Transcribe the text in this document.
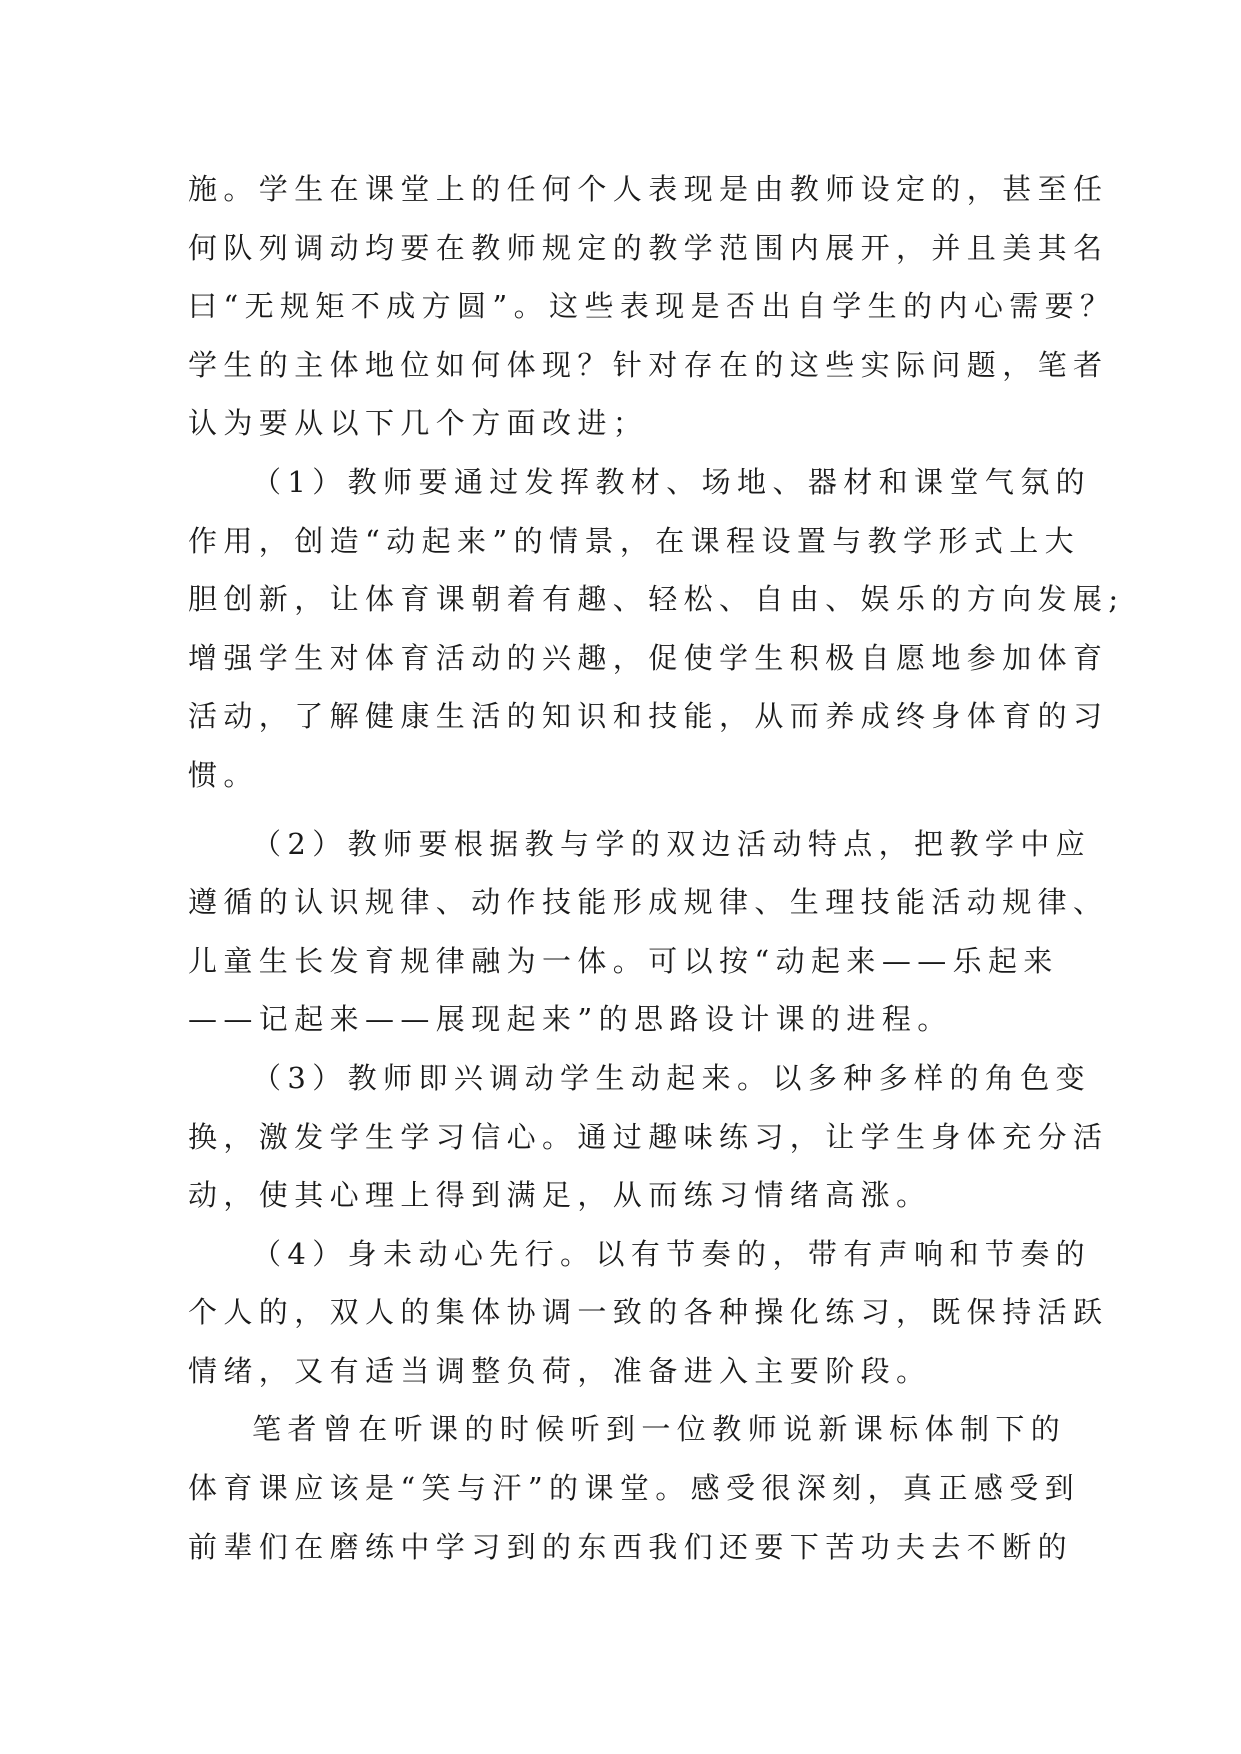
施。学生在课堂上的任何个人表现是由教师设定的，甚至任
何队列调动均要在教师规定的教学范围内展开，并且美其名
曰“无规矩不成方圆”。这些表现是否出自学生的内心需要？
学生的主体地位如何体现？针对存在的这些实际问题，笔者
认为要从以下几个方面改进；
（1）教师要通过发挥教材、场地、器材和课堂气氛的
作用，创造“动起来”的情景，在课程设置与教学形式上大
胆创新，让体育课朝着有趣、轻松、自由、娱乐的方向发展;
增强学生对体育活动的兴趣，促使学生积极自愿地参加体育
活动，了解健康生活的知识和技能，从而养成终身体育的习
惯。
（2）教师要根据教与学的双边活动特点，把教学中应
遵循的认识规律、动作技能形成规律、生理技能活动规律、
儿童生长发育规律融为一体。可以按“动起来——乐起来
——记起来——展现起来”的思路设计课的进程。
（3）教师即兴调动学生动起来。以多种多样的角色变
换，激发学生学习信心。通过趣味练习，让学生身体充分活
动，使其心理上得到满足，从而练习情绪高涨。
（4）身未动心先行。以有节奏的，带有声响和节奏的
个人的，双人的集体协调一致的各种操化练习，既保持活跃
情绪，又有适当调整负荷，准备进入主要阶段。
笔者曾在听课的时候听到一位教师说新课标体制下的
体育课应该是“笑与汗”的课堂。感受很深刻，真正感受到
前辈们在磨练中学习到的东西我们还要下苦功夫去不断的
